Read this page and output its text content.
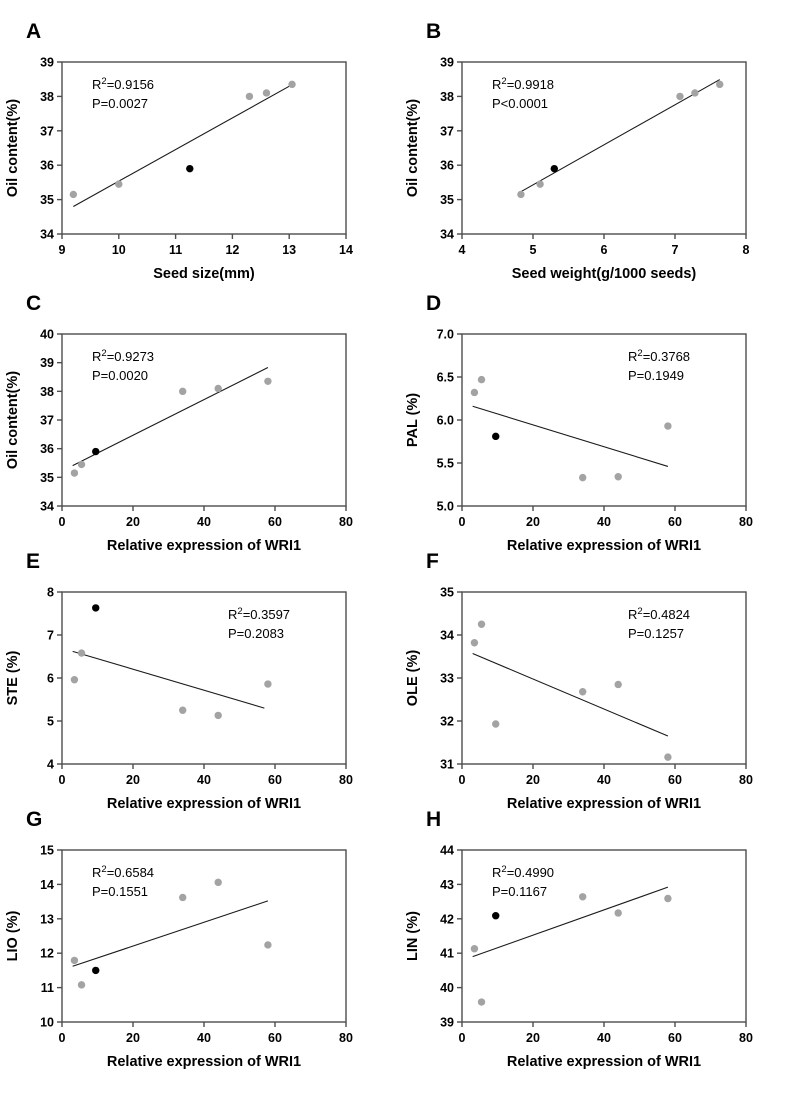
A
9	10	11	12	13	14
34
35
36
37
38
39
Seed size(mm)
Oil content(%)
$R^2=0.9156$
P=0.0027
B
4	5	6	7	8
34
35
36
37
38
39
Seed weight(g/1000 seeds)
Oil content(%)
$R^2=0.9918$
P<0.0001
C
0	20	40	60	80
34
35
36
37
38
39
40
Relative expression of WRI1
Oil content(%)
$R^2=0.9273$
P=0.0020
D
0	20	40	60	80
5.0
5.5
6.0
6.5
7.0
Relative expression of WRI1
PAL (%)
$R^2=0.3768$
P=0.1949
E
0	20	40	60	80
4
5
6
7
8
Relative expression of WRI1
STE (%)
$R^2=0.3597$
P=0.2083
F
0	20	40	60	80
31
32
33
34
35
Relative expression of WRI1
OLE (%)
$R^2=0.4824$
P=0.1257
G
0	20	40	60	80
10
11
12
13
14
15
Relative expression of WRI1
LIO (%)
$R^2=0.6584$
P=0.1551
H
0	20	40	60	80
39
40
41
42
43
44
Relative expression of WRI1
LIN (%)
$R^2=0.4990$
P=0.1167
